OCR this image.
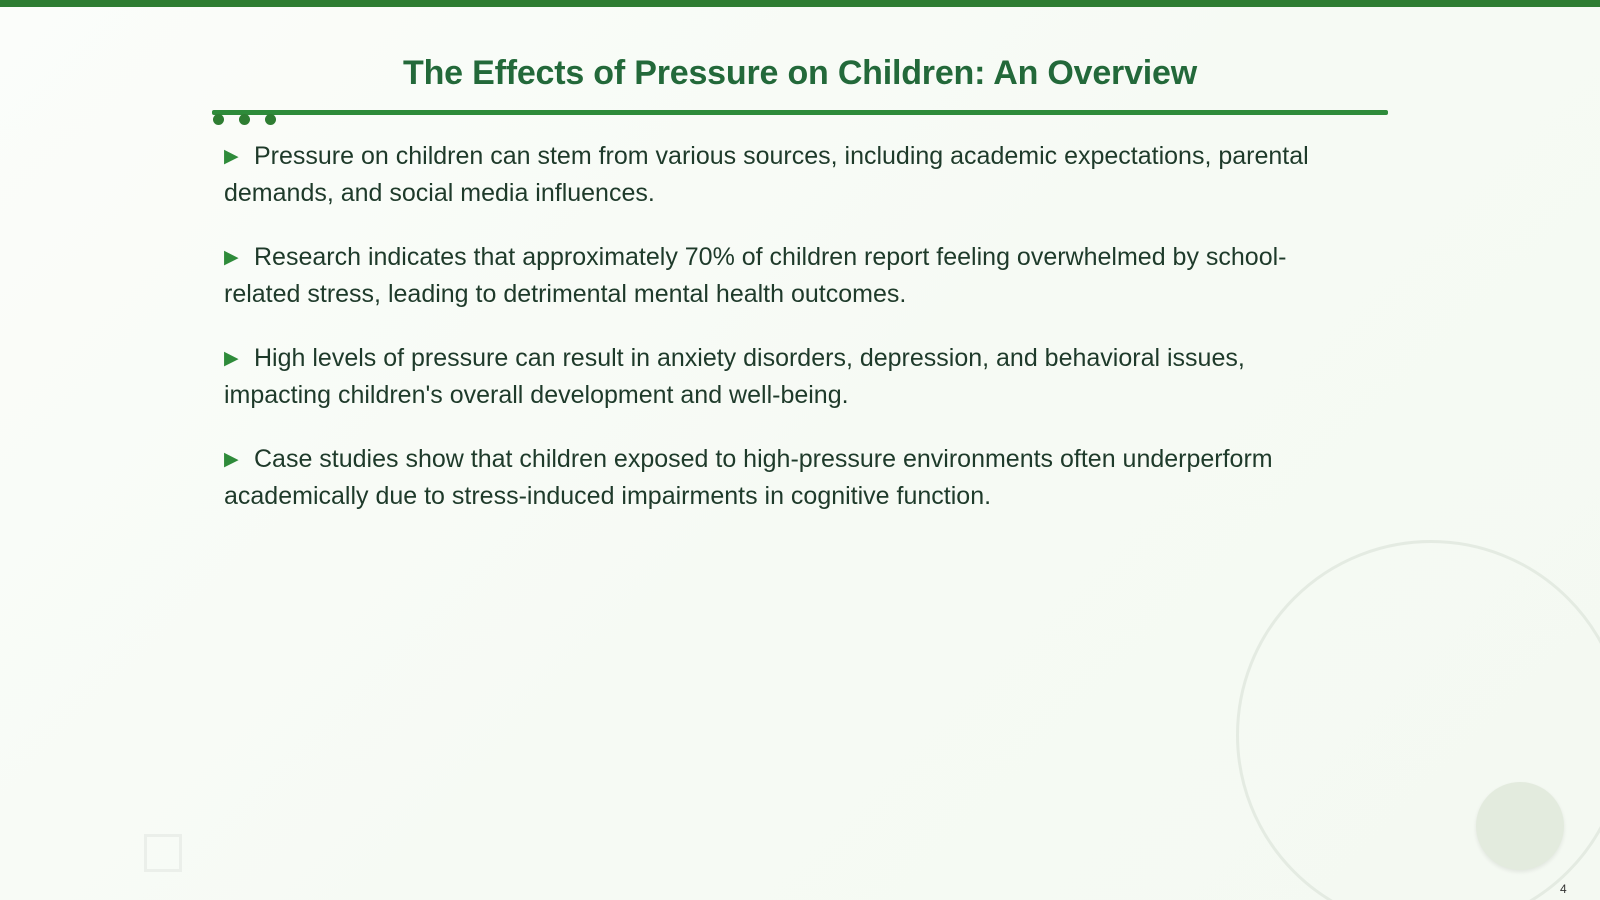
The Effects of Pressure on Children: An Overview
▶ Pressure on children can stem from various sources, including academic expectations, parental demands, and social media influences.
▶ Research indicates that approximately 70% of children report feeling overwhelmed by school-related stress, leading to detrimental mental health outcomes.
▶ High levels of pressure can result in anxiety disorders, depression, and behavioral issues, impacting children's overall development and well-being.
▶ Case studies show that children exposed to high-pressure environments often underperform academically due to stress-induced impairments in cognitive function.
4
